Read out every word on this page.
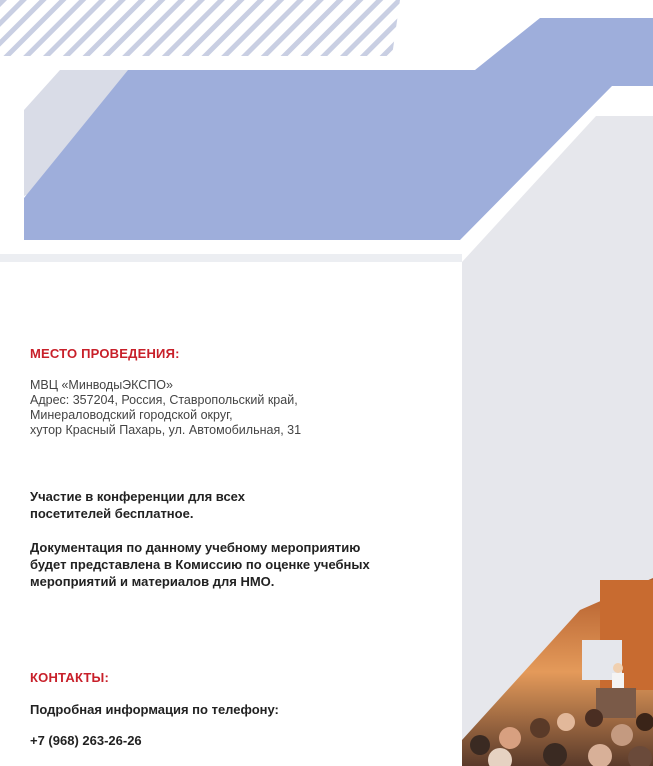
МЕСТО ПРОВЕДЕНИЯ:
МВЦ «МинводыЭКСПО»
Адрес: 357204, Россия, Ставропольский край,
Минераловодский городской округ,
хутор Красный Пахарь, ул. Автомобильная, 31
Участие в конференции для всех
посетителей бесплатное.
Документация по данному учебному мероприятию
будет представлена в Комиссию по оценке учебных
мероприятий и материалов для НМО.
КОНТАКТЫ:
Подробная информация по телефону:
+7 (968) 263-26-26
